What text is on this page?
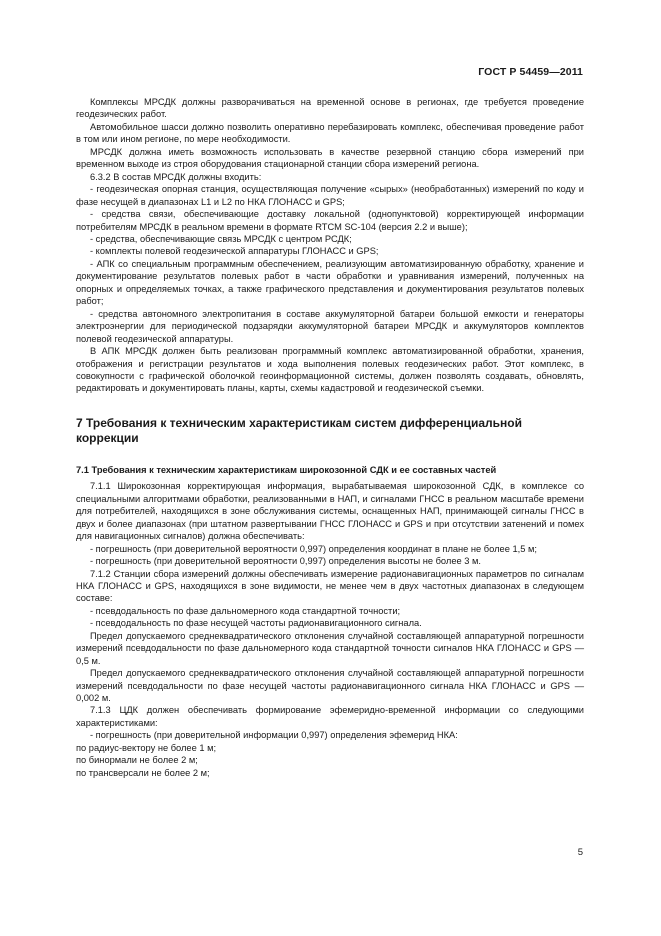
ГОСТ Р 54459—2011

Комплексы МРСДК должны разворачиваться на временной основе в регионах, где требуется проведение геодезических работ.

Автомобильное шасси должно позволить оперативно перебазировать комплекс, обеспечивая проведение работ в том или ином регионе, по мере необходимости.

МРСДК должна иметь возможность использовать в качестве резервной станцию сбора измерений при временном выходе из строя оборудования стационарной станции сбора измерений региона.

6.3.2 В состав МРСДК должны входить:

- геодезическая опорная станция, осуществляющая получение «сырых» (необработанных) измерений по коду и фазе несущей в диапазонах L1 и L2 по НКА ГЛОНАСС и GPS;

- средства связи, обеспечивающие доставку локальной (однопунктовой) корректирующей информации потребителям МРСДК в реальном времени в формате RTCM SC-104 (версия 2.2 и выше);

- средства, обеспечивающие связь МРСДК с центром РСДК;

- комплекты полевой геодезической аппаратуры ГЛОНАСС и GPS;

- АПК со специальным программным обеспечением, реализующим автоматизированную обработку, хранение и документирование результатов полевых работ в части обработки и уравнивания измерений, полученных на опорных и определяемых точках, а также графического представления и документирования результатов полевых работ;

- средства автономного электропитания в составе аккумуляторной батареи большой емкости и генераторы электроэнергии для периодической подзарядки аккумуляторной батареи МРСДК и аккумуляторов комплектов полевой геодезической аппаратуры.

В АПК МРСДК должен быть реализован программный комплекс автоматизированной обработки, хранения, отображения и регистрации результатов и хода выполнения полевых геодезических работ. Этот комплекс, в совокупности с графической оболочкой геоинформационной системы, должен позволять создавать, обновлять, редактировать и документировать планы, карты, схемы кадастровой и геодезической съемки.

7 Требования к техническим характеристикам систем дифференциальной коррекции

7.1 Требования к техническим характеристикам широкозонной СДК и ее составных частей

7.1.1 Широкозонная корректирующая информация, вырабатываемая широкозонной СДК, в комплексе со специальными алгоритмами обработки, реализованными в НАП, и сигналами ГНСС в реальном масштабе времени для потребителей, находящихся в зоне обслуживания системы, оснащенных НАП, принимающей сигналы ГНСС в двух и более диапазонах (при штатном развертывании ГНСС ГЛОНАСС и GPS и при отсутствии затенений и помех для навигационных сигналов) должна обеспечивать:

- погрешность (при доверительной вероятности 0,997) определения координат в плане не более 1,5 м;

- погрешность (при доверительной вероятности 0,997) определения высоты не более 3 м.

7.1.2 Станции сбора измерений должны обеспечивать измерение радионавигационных параметров по сигналам НКА ГЛОНАСС и GPS, находящихся в зоне видимости, не менее чем в двух частотных диапазонах в следующем составе:

- псевдодальность по фазе дальномерного кода стандартной точности;

- псевдодальность по фазе несущей частоты радионавигационного сигнала.

Предел допускаемого среднеквадратического отклонения случайной составляющей аппаратурной погрешности измерений псевдодальности по фазе дальномерного кода стандартной точности сигналов НКА ГЛОНАСС и GPS — 0,5 м.

Предел допускаемого среднеквадратического отклонения случайной составляющей аппаратурной погрешности измерений псевдодальности по фазе несущей частоты радионавигационного сигнала НКА ГЛОНАСС и GPS — 0,002 м.

7.1.3 ЦДК должен обеспечивать формирование эфемеридно-временной информации со следующими характеристиками:

- погрешность (при доверительной информации 0,997) определения эфемерид НКА:

по радиус-вектору не более 1 м;

по бинормали не более 2 м;

по трансверсали не более 2 м;

5
